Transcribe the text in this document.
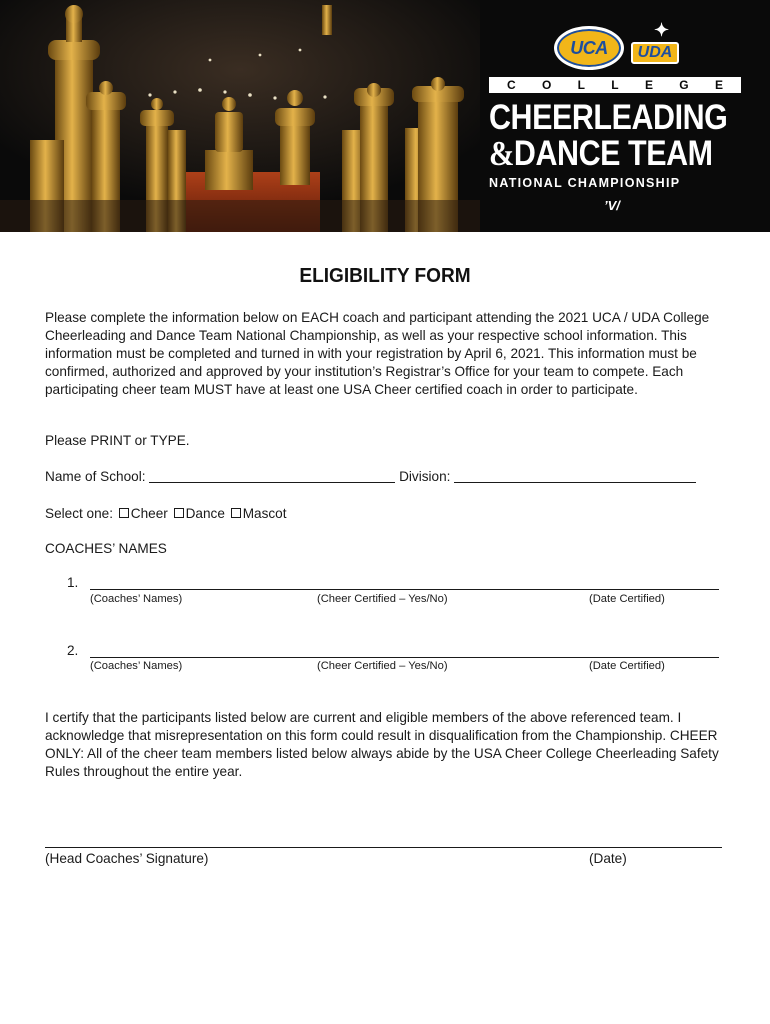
UCA
✦
UDA
C O L L E G E
CHEERLEADING
&DANCE TEAM
NATIONAL CHAMPIONSHIP
’V/
ELIGIBILITY FORM

Please complete the information below on EACH coach and participant attending the 2021 UCA / UDA College Cheerleading and Dance Team National Championship, as well as your respective school information. This information must be completed and turned in with your registration by April 6, 2021. This information must be confirmed, authorized and approved by your institution’s Registrar’s Office for your team to compete. Each participating cheer team MUST have at least one USA Cheer certified coach in order to participate.

Please PRINT or TYPE.

Name of School:	Division:

Select one: Cheer Dance Mascot

COACHES’ NAMES

1.
(Coaches’ Names)	(Cheer Certified – Yes/No)	(Date Certified)
2.
(Coaches’ Names)	(Cheer Certified – Yes/No)	(Date Certified)

I certify that the participants listed below are current and eligible members of the above referenced team. I acknowledge that misrepresentation on this form could result in disqualification from the Championship. CHEER ONLY: All of the cheer team members listed below always abide by the USA Cheer College Cheerleading Safety Rules throughout the entire year.

(Head Coaches’ Signature)	(Date)
